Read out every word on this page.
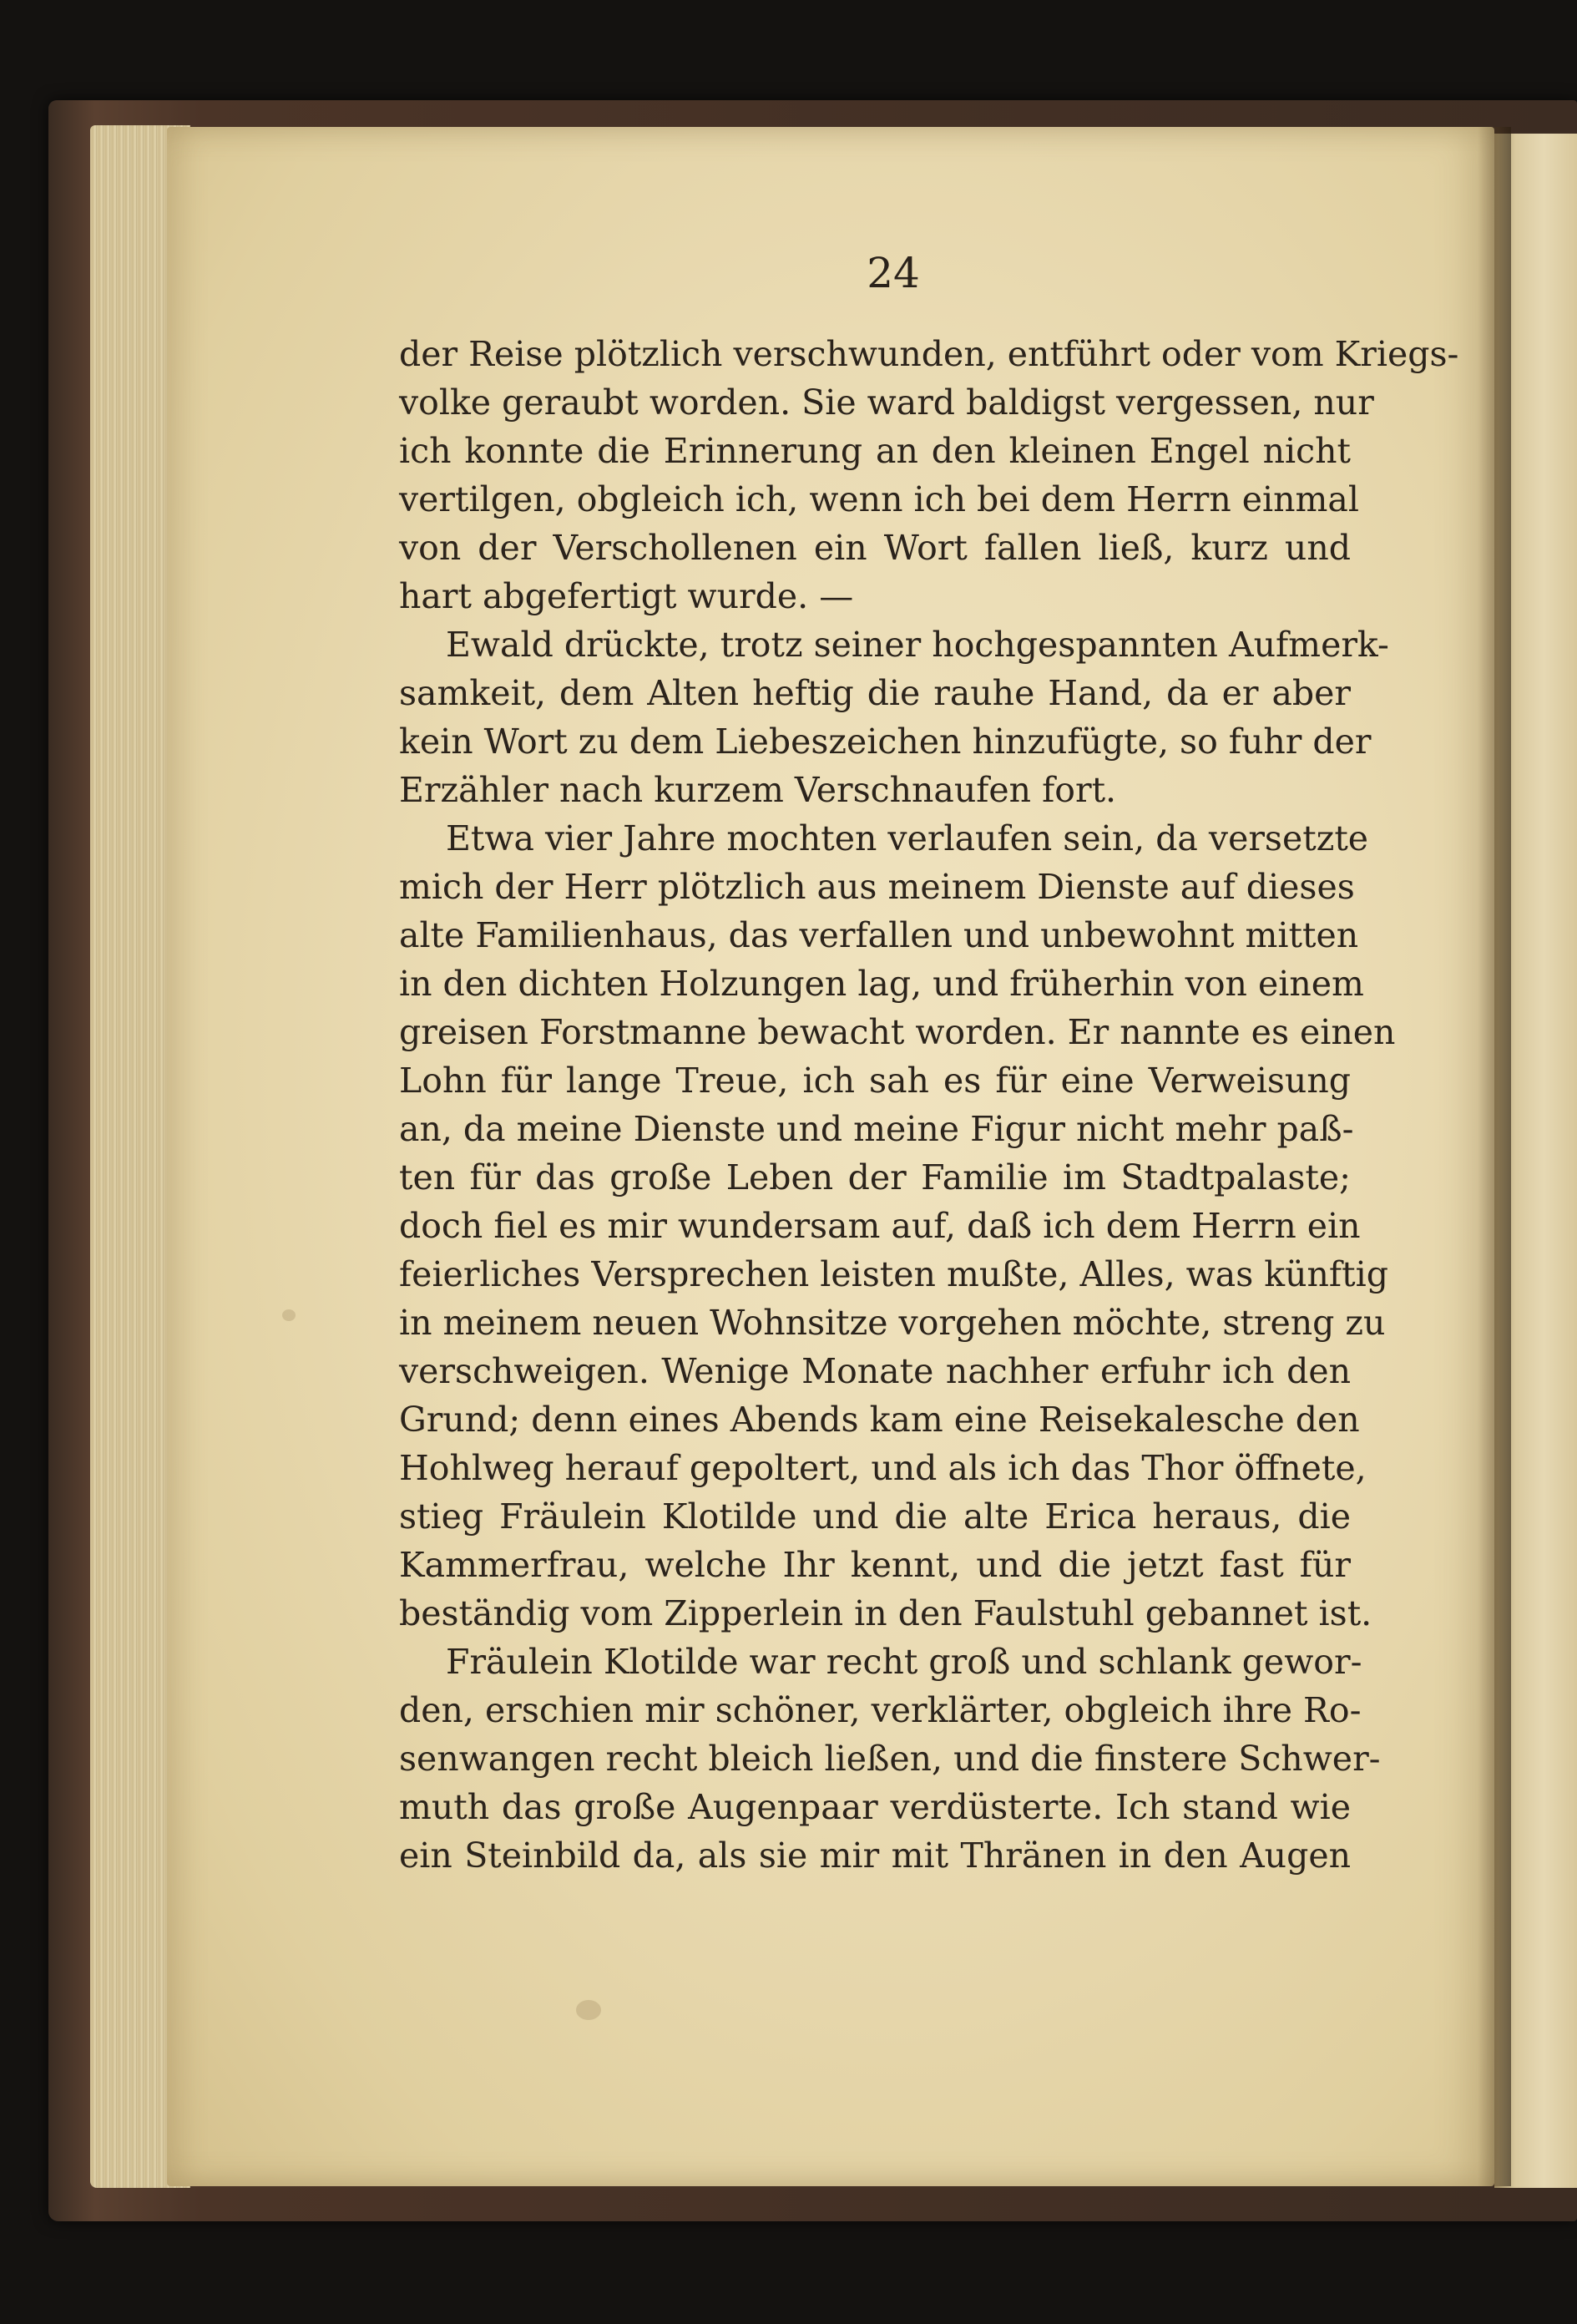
24
der Reise plötzlich verschwunden, entführt oder vom Kriegs-
volke geraubt worden. Sie ward baldigst vergessen, nur
ich konnte die Erinnerung an den kleinen Engel nicht
vertilgen, obgleich ich, wenn ich bei dem Herrn einmal
von der Verschollenen ein Wort fallen ließ, kurz und
hart abgefertigt wurde. —
Ewald drückte, trotz seiner hochgespannten Aufmerk-
samkeit, dem Alten heftig die rauhe Hand, da er aber
kein Wort zu dem Liebeszeichen hinzufügte, so fuhr der
Erzähler nach kurzem Verschnaufen fort.
Etwa vier Jahre mochten verlaufen sein, da versetzte
mich der Herr plötzlich aus meinem Dienste auf dieses
alte Familienhaus, das verfallen und unbewohnt mitten
in den dichten Holzungen lag, und früherhin von einem
greisen Forstmanne bewacht worden. Er nannte es einen
Lohn für lange Treue, ich sah es für eine Verweisung
an, da meine Dienste und meine Figur nicht mehr paß-
ten für das große Leben der Familie im Stadtpalaste;
doch fiel es mir wundersam auf, daß ich dem Herrn ein
feierliches Versprechen leisten mußte, Alles, was künftig
in meinem neuen Wohnsitze vorgehen möchte, streng zu
verschweigen. Wenige Monate nachher erfuhr ich den
Grund; denn eines Abends kam eine Reisekalesche den
Hohlweg herauf gepoltert, und als ich das Thor öffnete,
stieg Fräulein Klotilde und die alte Erica heraus, die
Kammerfrau, welche Ihr kennt, und die jetzt fast für
beständig vom Zipperlein in den Faulstuhl gebannet ist.
Fräulein Klotilde war recht groß und schlank gewor-
den, erschien mir schöner, verklärter, obgleich ihre Ro-
senwangen recht bleich ließen, und die finstere Schwer-
muth das große Augenpaar verdüsterte. Ich stand wie
ein Steinbild da, als sie mir mit Thränen in den Augen
